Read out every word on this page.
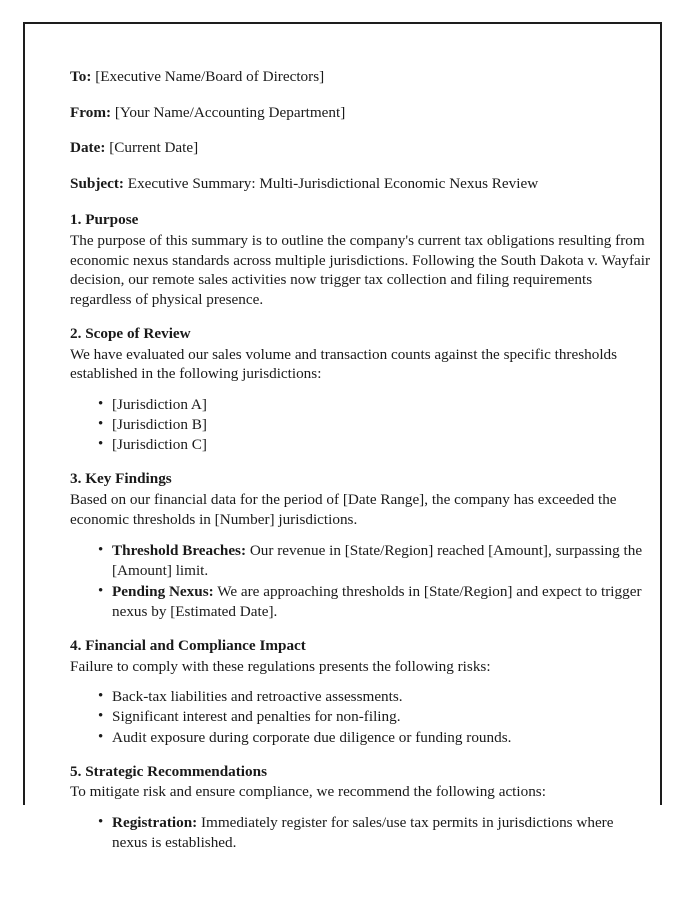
To: [Executive Name/Board of Directors]

From: [Your Name/Accounting Department]

Date: [Current Date]

Subject: Executive Summary: Multi-Jurisdictional Economic Nexus Review

1. Purpose

The purpose of this summary is to outline the company's current tax obligations resulting from economic nexus standards across multiple jurisdictions. Following the South Dakota v. Wayfair decision, our remote sales activities now trigger tax collection and filing requirements regardless of physical presence.

2. Scope of Review

We have evaluated our sales volume and transaction counts against the specific thresholds established in the following jurisdictions:

• [Jurisdiction A]
• [Jurisdiction B]
• [Jurisdiction C]

3. Key Findings

Based on our financial data for the period of [Date Range], the company has exceeded the economic thresholds in [Number] jurisdictions.

• Threshold Breaches: Our revenue in [State/Region] reached [Amount], surpassing the [Amount] limit.
• Pending Nexus: We are approaching thresholds in [State/Region] and expect to trigger nexus by [Estimated Date].

4. Financial and Compliance Impact

Failure to comply with these regulations presents the following risks:

• Back-tax liabilities and retroactive assessments.
• Significant interest and penalties for non-filing.
• Audit exposure during corporate due diligence or funding rounds.

5. Strategic Recommendations

To mitigate risk and ensure compliance, we recommend the following actions:

• Registration: Immediately register for sales/use tax permits in jurisdictions where nexus is established.
